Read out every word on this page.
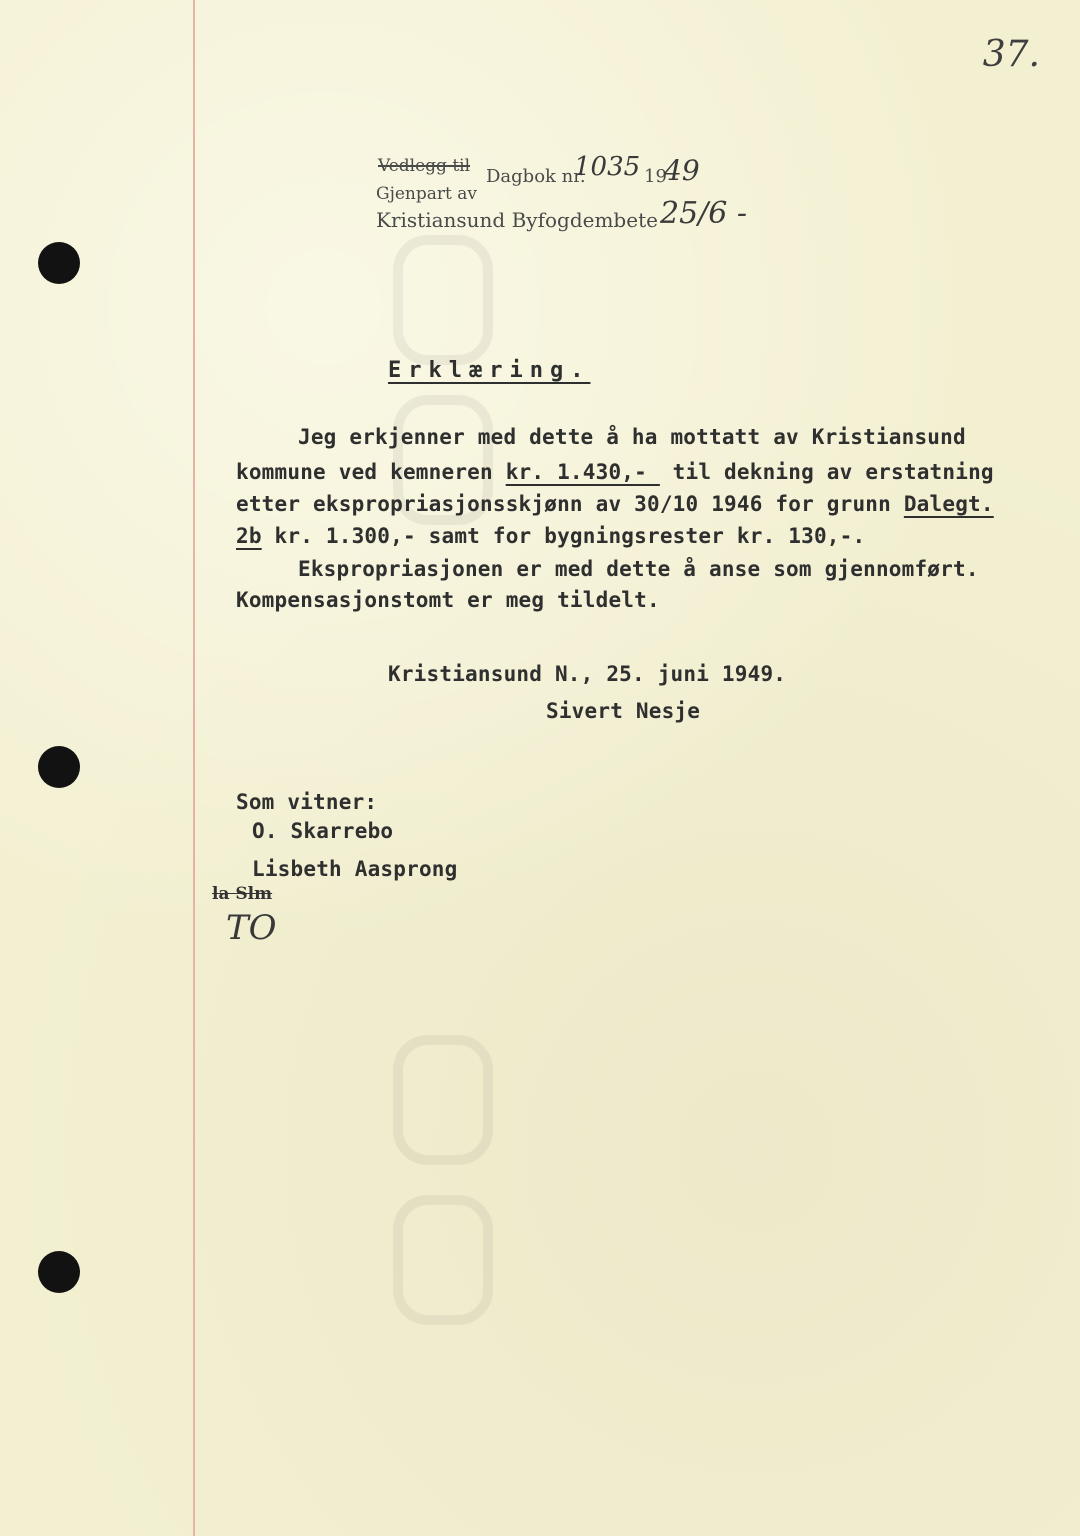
37.
Vedlegg til Dagbok nr.
1035 19
49
Gjenpart av
Kristiansund Byfogdembete 25/6 -
Erklæring.
Jeg erkjenner med dette å ha mottatt av Kristiansund
kommune ved kemneren kr. 1.430,-  til dekning av erstatning
etter ekspropriasjonsskjønn av 30/10 1946 for grunn Dalegt.
2b kr. 1.300,- samt for bygningsrester kr. 130,-.
Ekspropriasjonen er med dette å anse som gjennomført.
Kompensasjonstomt er meg tildelt.
Kristiansund N., 25. juni 1949.
Sivert Nesje
Som vitner:
O. Skarrebo
Lisbeth Aasprong
la Slm
TO
